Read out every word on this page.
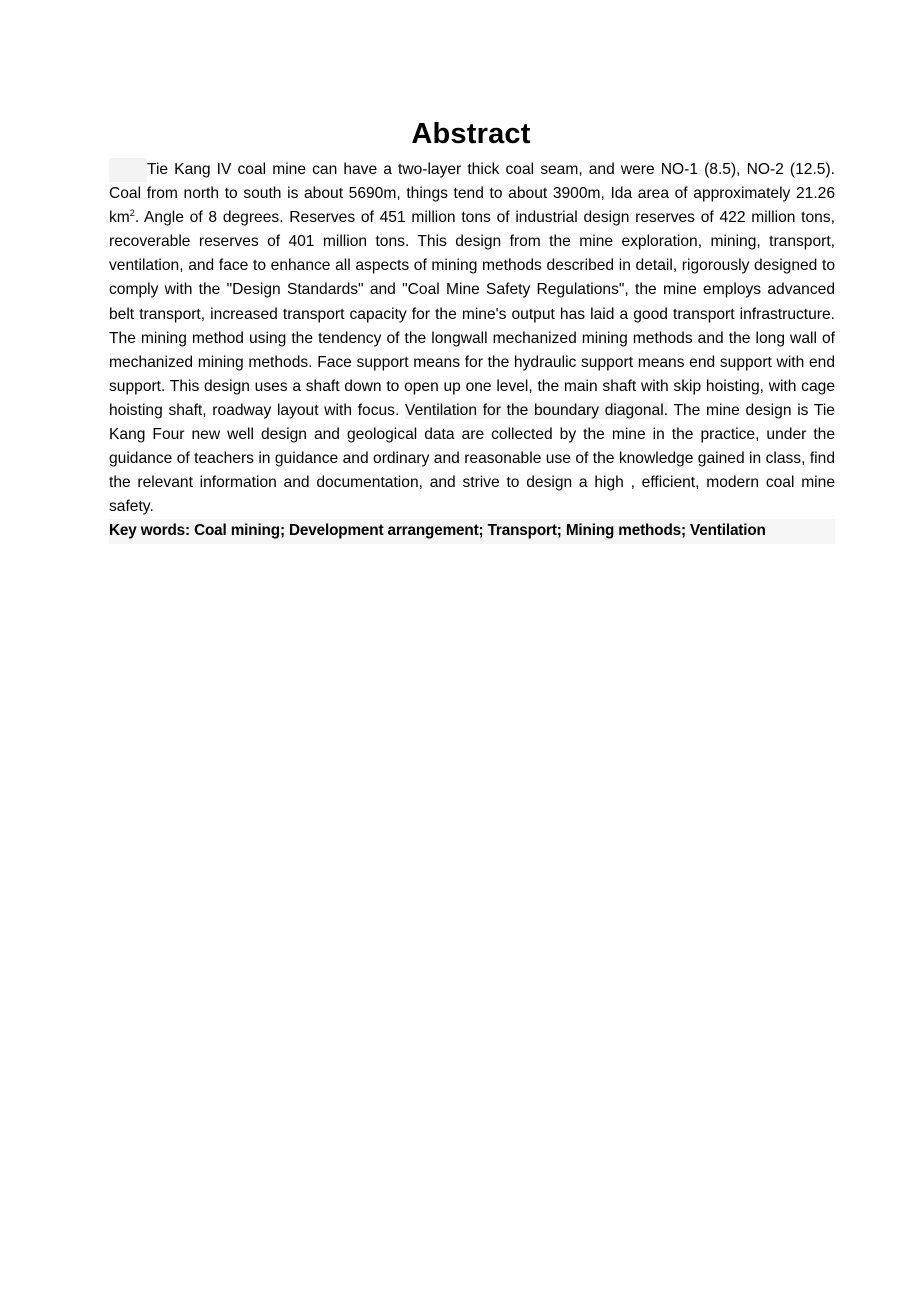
Abstract

Tie Kang IV coal mine can have a two-layer thick coal seam, and were NO-1 (8.5), NO-2 (12.5). Coal from north to south is about 5690m, things tend to about 3900m, Ida area of approximately 21.26 $km^2$. Angle of 8 degrees. Reserves of 451 million tons of industrial design reserves of 422 million tons, recoverable reserves of 401 million tons. This design from the mine exploration, mining, transport, ventilation, and face to enhance all aspects of mining methods described in detail, rigorously designed to comply with the "Design Standards" and "Coal Mine Safety Regulations", the mine employs advanced belt transport, increased transport capacity for the mine's output has laid a good transport infrastructure. The mining method using the tendency of the longwall mechanized mining methods and the long wall of mechanized mining methods. Face support means for the hydraulic support means end support with end support. This design uses a shaft down to open up one level, the main shaft with skip hoisting, with cage hoisting shaft, roadway layout with focus. Ventilation for the boundary diagonal. The mine design is Tie Kang Four new well design and geological data are collected by the mine in the practice, under the guidance of teachers in guidance and ordinary and reasonable use of the knowledge gained in class, find the relevant information and documentation, and strive to design a high , efficient, modern coal mine safety.

Key words: Coal mining; Development arrangement; Transport; Mining methods; Ventilation
